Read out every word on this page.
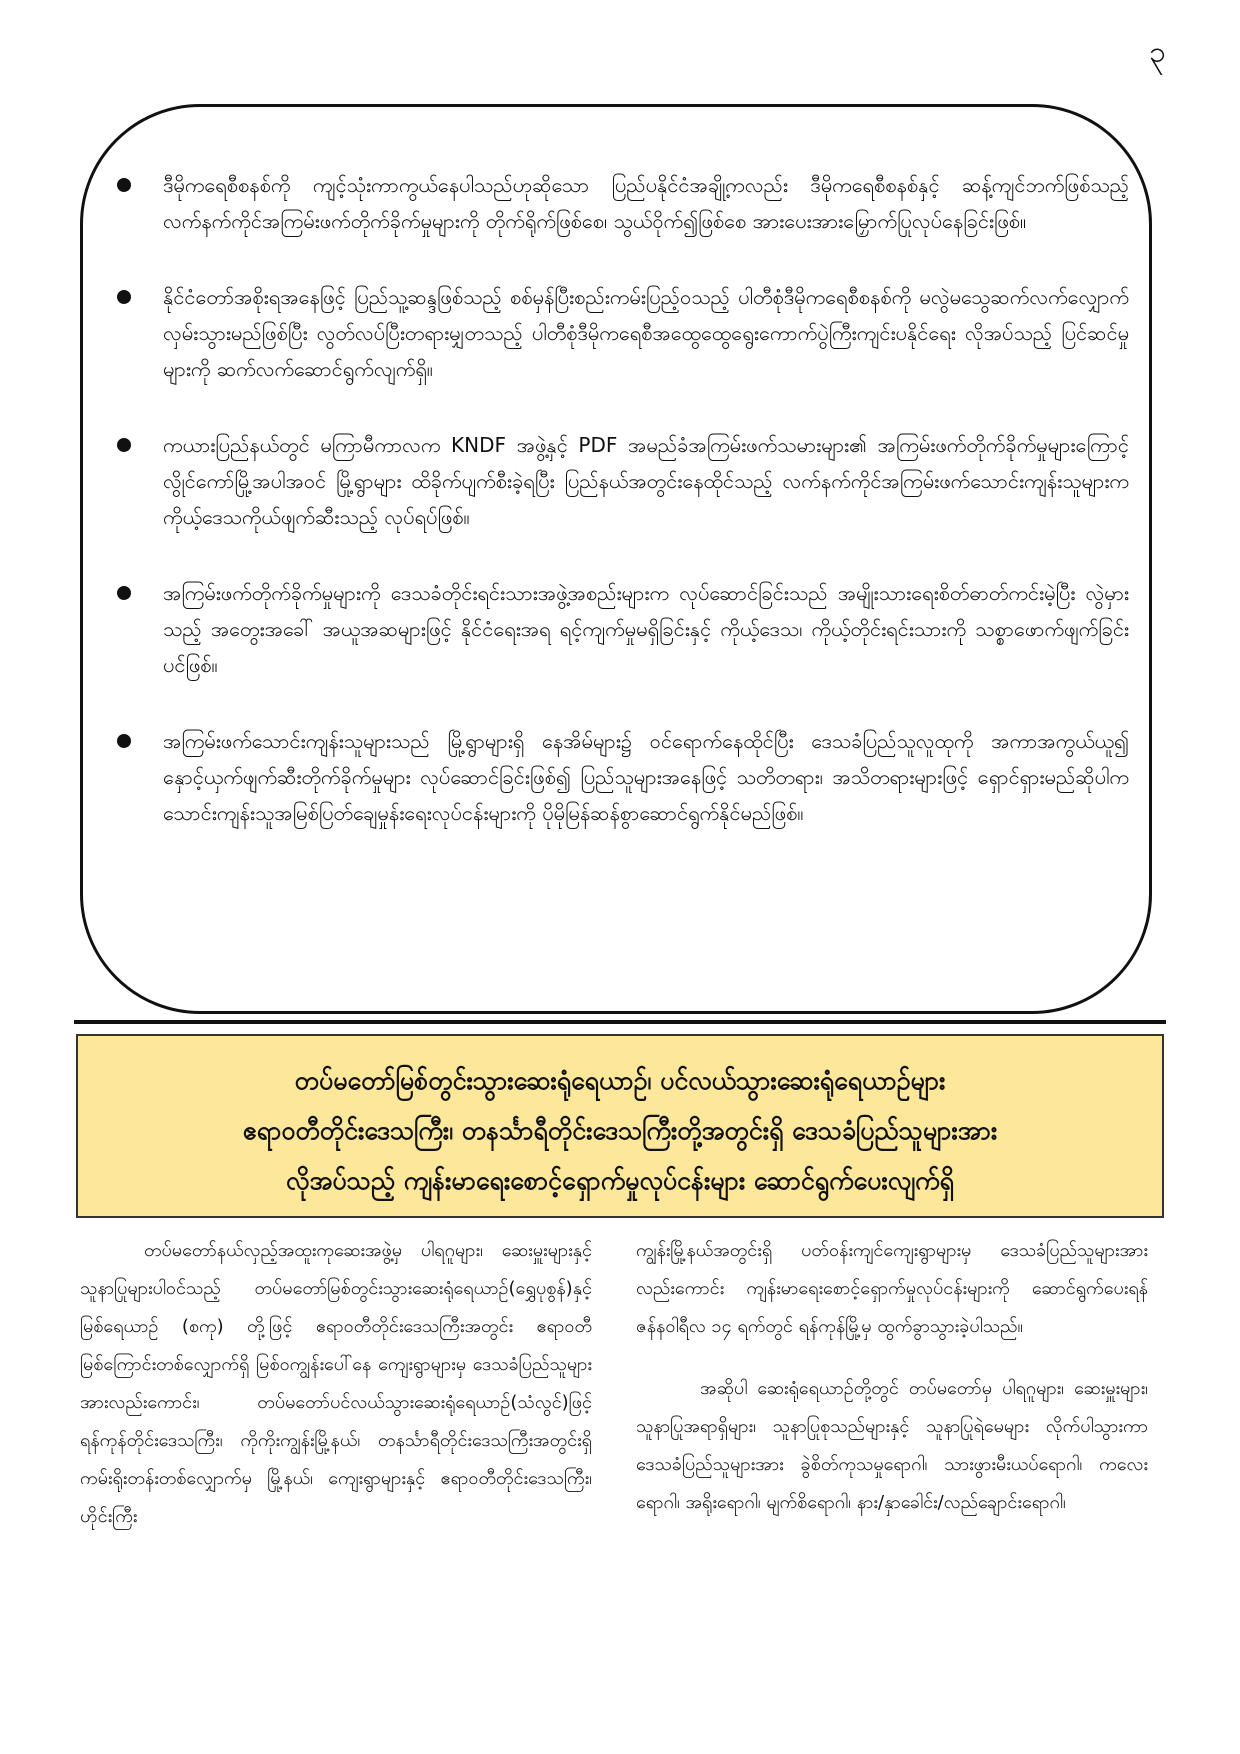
၃
ဒီမိုကရေစီစနစ်ကို ကျင့်သုံးကာကွယ်နေပါသည်ဟုဆိုသော ပြည်ပနိုင်ငံအချို့ကလည်း ဒီမိုကရေစီစနစ်နှင့် ဆန့်ကျင်ဘက်ဖြစ်သည့် လက်နက်ကိုင်အကြမ်းဖက်တိုက်ခိုက်မှုများကို တိုက်ရိုက်ဖြစ်စေ၊ သွယ်ဝိုက်၍ဖြစ်စေ အားပေးအားမြှောက်ပြုလုပ်နေခြင်းဖြစ်။
နိုင်ငံတော်အစိုးရအနေဖြင့် ပြည်သူ့ဆန္ဒဖြစ်သည့် စစ်မှန်ပြီးစည်းကမ်းပြည့်ဝသည့် ပါတီစုံဒီမိုကရေစီစနစ်ကို မလွဲမသွေဆက်လက်လျှောက်လှမ်းသွားမည်ဖြစ်ပြီး လွတ်လပ်ပြီးတရားမျှတသည့် ပါတီစုံဒီမိုကရေစီအထွေထွေရွေးကောက်ပွဲကြီးကျင်းပနိုင်ရေး လိုအပ်သည့် ပြင်ဆင်မှုများကို ဆက်လက်ဆောင်ရွက်လျက်ရှိ။
ကယားပြည်နယ်တွင် မကြာမီကာလက KNDF အဖွဲ့နှင့် PDF အမည်ခံအကြမ်းဖက်သမားများ၏ အကြမ်းဖက်တိုက်ခိုက်မှုများကြောင့် လွိုင်ကော်မြို့အပါအဝင် မြို့ရွာများ ထိခိုက်ပျက်စီးခဲ့ရပြီး ပြည်နယ်အတွင်းနေထိုင်သည့် လက်နက်ကိုင်အကြမ်းဖက်သောင်းကျန်းသူများက ကိုယ့်ဒေသကိုယ်ဖျက်ဆီးသည့် လုပ်ရပ်ဖြစ်။
အကြမ်းဖက်တိုက်ခိုက်မှုများကို ဒေသခံတိုင်းရင်းသားအဖွဲ့အစည်းများက လုပ်ဆောင်ခြင်းသည် အမျိုးသားရေးစိတ်ဓာတ်ကင်းမဲ့ပြီး လွဲမှားသည့် အတွေးအခေါ် အယူအဆများဖြင့် နိုင်ငံရေးအရ ရင့်ကျက်မှုမရှိခြင်းနှင့် ကိုယ့်ဒေသ၊ ကိုယ့်တိုင်းရင်းသားကို သစ္စာဖောက်ဖျက်ခြင်းပင်ဖြစ်။
အကြမ်းဖက်သောင်းကျန်းသူများသည် မြို့ရွာများရှိ နေအိမ်များ၌ ဝင်ရောက်နေထိုင်ပြီး ဒေသခံပြည်သူလူထုကို အကာအကွယ်ယူ၍ နှောင့်ယှက်ဖျက်ဆီးတိုက်ခိုက်မှုများ လုပ်ဆောင်ခြင်းဖြစ်၍ ပြည်သူများအနေဖြင့် သတိတရား၊ အသိတရားများဖြင့် ရှောင်ရှားမည်ဆိုပါက သောင်းကျန်းသူအမြစ်ပြတ်ချေမှုန်းရေးလုပ်ငန်းများကို ပိုမိုမြန်ဆန်စွာဆောင်ရွက်နိုင်မည်ဖြစ်။
တပ်မတော်မြစ်တွင်းသွားဆေးရုံရေယာဉ်၊ ပင်လယ်သွားဆေးရုံရေယာဉ်များ
ဧရာဝတီတိုင်းဒေသကြီး၊ တနင်္သာရီတိုင်းဒေသကြီးတို့အတွင်းရှိ ဒေသခံပြည်သူများအား
လိုအပ်သည့် ကျန်းမာရေးစောင့်ရှောက်မှုလုပ်ငန်းများ ဆောင်ရွက်ပေးလျက်ရှိ

တပ်မတော်နယ်လှည့်အထူးကုဆေးအဖွဲ့မှ ပါရဂူများ၊ ဆေးမှူးများနှင့် သူနာပြုများပါဝင်သည့် တပ်မတော်မြစ်တွင်းသွားဆေးရုံရေယာဉ်(ရွှေပုစွန်)နှင့် မြစ်ရေယာဉ် (စကု) တို့ဖြင့် ဧရာဝတီတိုင်းဒေသကြီးအတွင်း ဧရာဝတီမြစ်ကြောင်းတစ်လျှောက်ရှိ မြစ်ဝကျွန်းပေါ်နေ ကျေးရွာများမှ ဒေသခံပြည်သူများအားလည်းကောင်း၊ တပ်မတော်ပင်လယ်သွားဆေးရုံရေယာဉ်(သံလွင်)ဖြင့် ရန်ကုန်တိုင်းဒေသကြီး၊ ကိုကိုးကျွန်းမြို့နယ်၊ တနင်္သာရီတိုင်းဒေသကြီးအတွင်းရှိ ကမ်းရိုးတန်းတစ်လျှောက်မှ မြို့နယ်၊ ကျေးရွာများနှင့် ဧရာဝတီတိုင်းဒေသကြီး၊ ဟိုင်းကြီး

ကျွန်းမြို့နယ်အတွင်းရှိ ပတ်ဝန်းကျင်ကျေးရွာများမှ ဒေသခံပြည်သူများအားလည်းကောင်း ကျန်းမာရေးစောင့်ရှောက်မှုလုပ်ငန်းများကို ဆောင်ရွက်ပေးရန် ဇန်နဝါရီလ ၁၄ ရက်တွင် ရန်ကုန်မြို့မှ ထွက်ခွာသွားခဲ့ပါသည်။

အဆိုပါ ဆေးရုံရေယာဉ်တို့တွင် တပ်မတော်မှ ပါရဂူများ၊ ဆေးမှူးများ၊ သူနာပြုအရာရှိများ၊ သူနာပြုစုသည်များနှင့် သူနာပြုရဲမေများ လိုက်ပါသွားကာ ဒေသခံပြည်သူများအား ခွဲစိတ်ကုသမှုရောဂါ၊ သားဖွားမီးယပ်ရောဂါ၊ ကလေးရောဂါ၊ အရိုးရောဂါ၊ မျက်စိရောဂါ၊ နား/နှာခေါင်း/လည်ချောင်းရောဂါ၊
